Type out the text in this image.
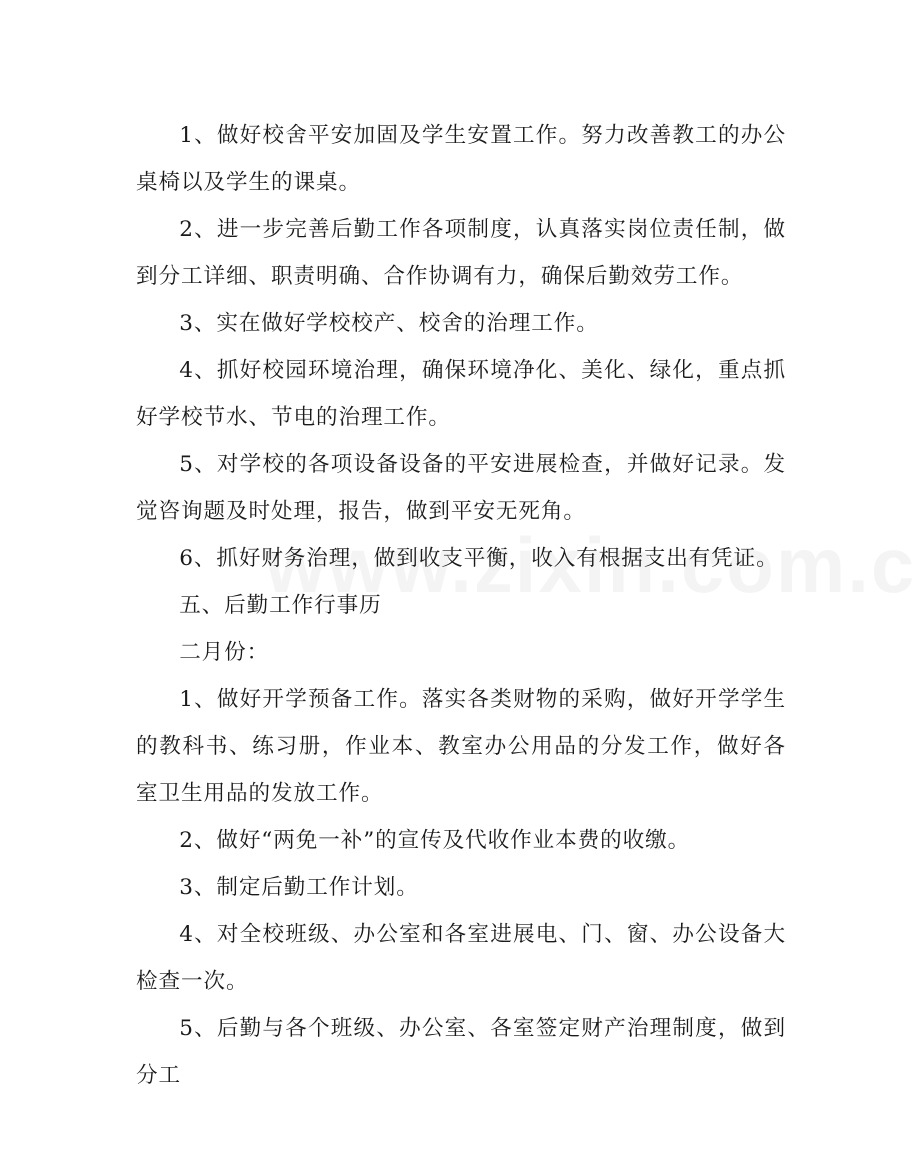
1、做好校舍平安加固及学生安置工作。努力改善教工的办公桌椅以及学生的课桌。

2、进一步完善后勤工作各项制度，认真落实岗位责任制，做到分工详细、职责明确、合作协调有力，确保后勤效劳工作。

3、实在做好学校校产、校舍的治理工作。

4、抓好校园环境治理，确保环境净化、美化、绿化，重点抓好学校节水、节电的治理工作。

5、对学校的各项设备设备的平安进展检查，并做好记录。发觉咨询题及时处理，报告，做到平安无死角。

6、抓好财务治理，做到收支平衡，收入有根据支出有凭证。

五、后勤工作行事历

二月份：

1、做好开学预备工作。落实各类财物的采购，做好开学学生的教科书、练习册，作业本、教室办公用品的分发工作，做好各室卫生用品的发放工作。

2、做好“两免一补”的宣传及代收作业本费的收缴。

3、制定后勤工作计划。

4、对全校班级、办公室和各室进展电、门、窗、办公设备大检查一次。

5、后勤与各个班级、办公室、各室签定财产治理制度，做到分工
